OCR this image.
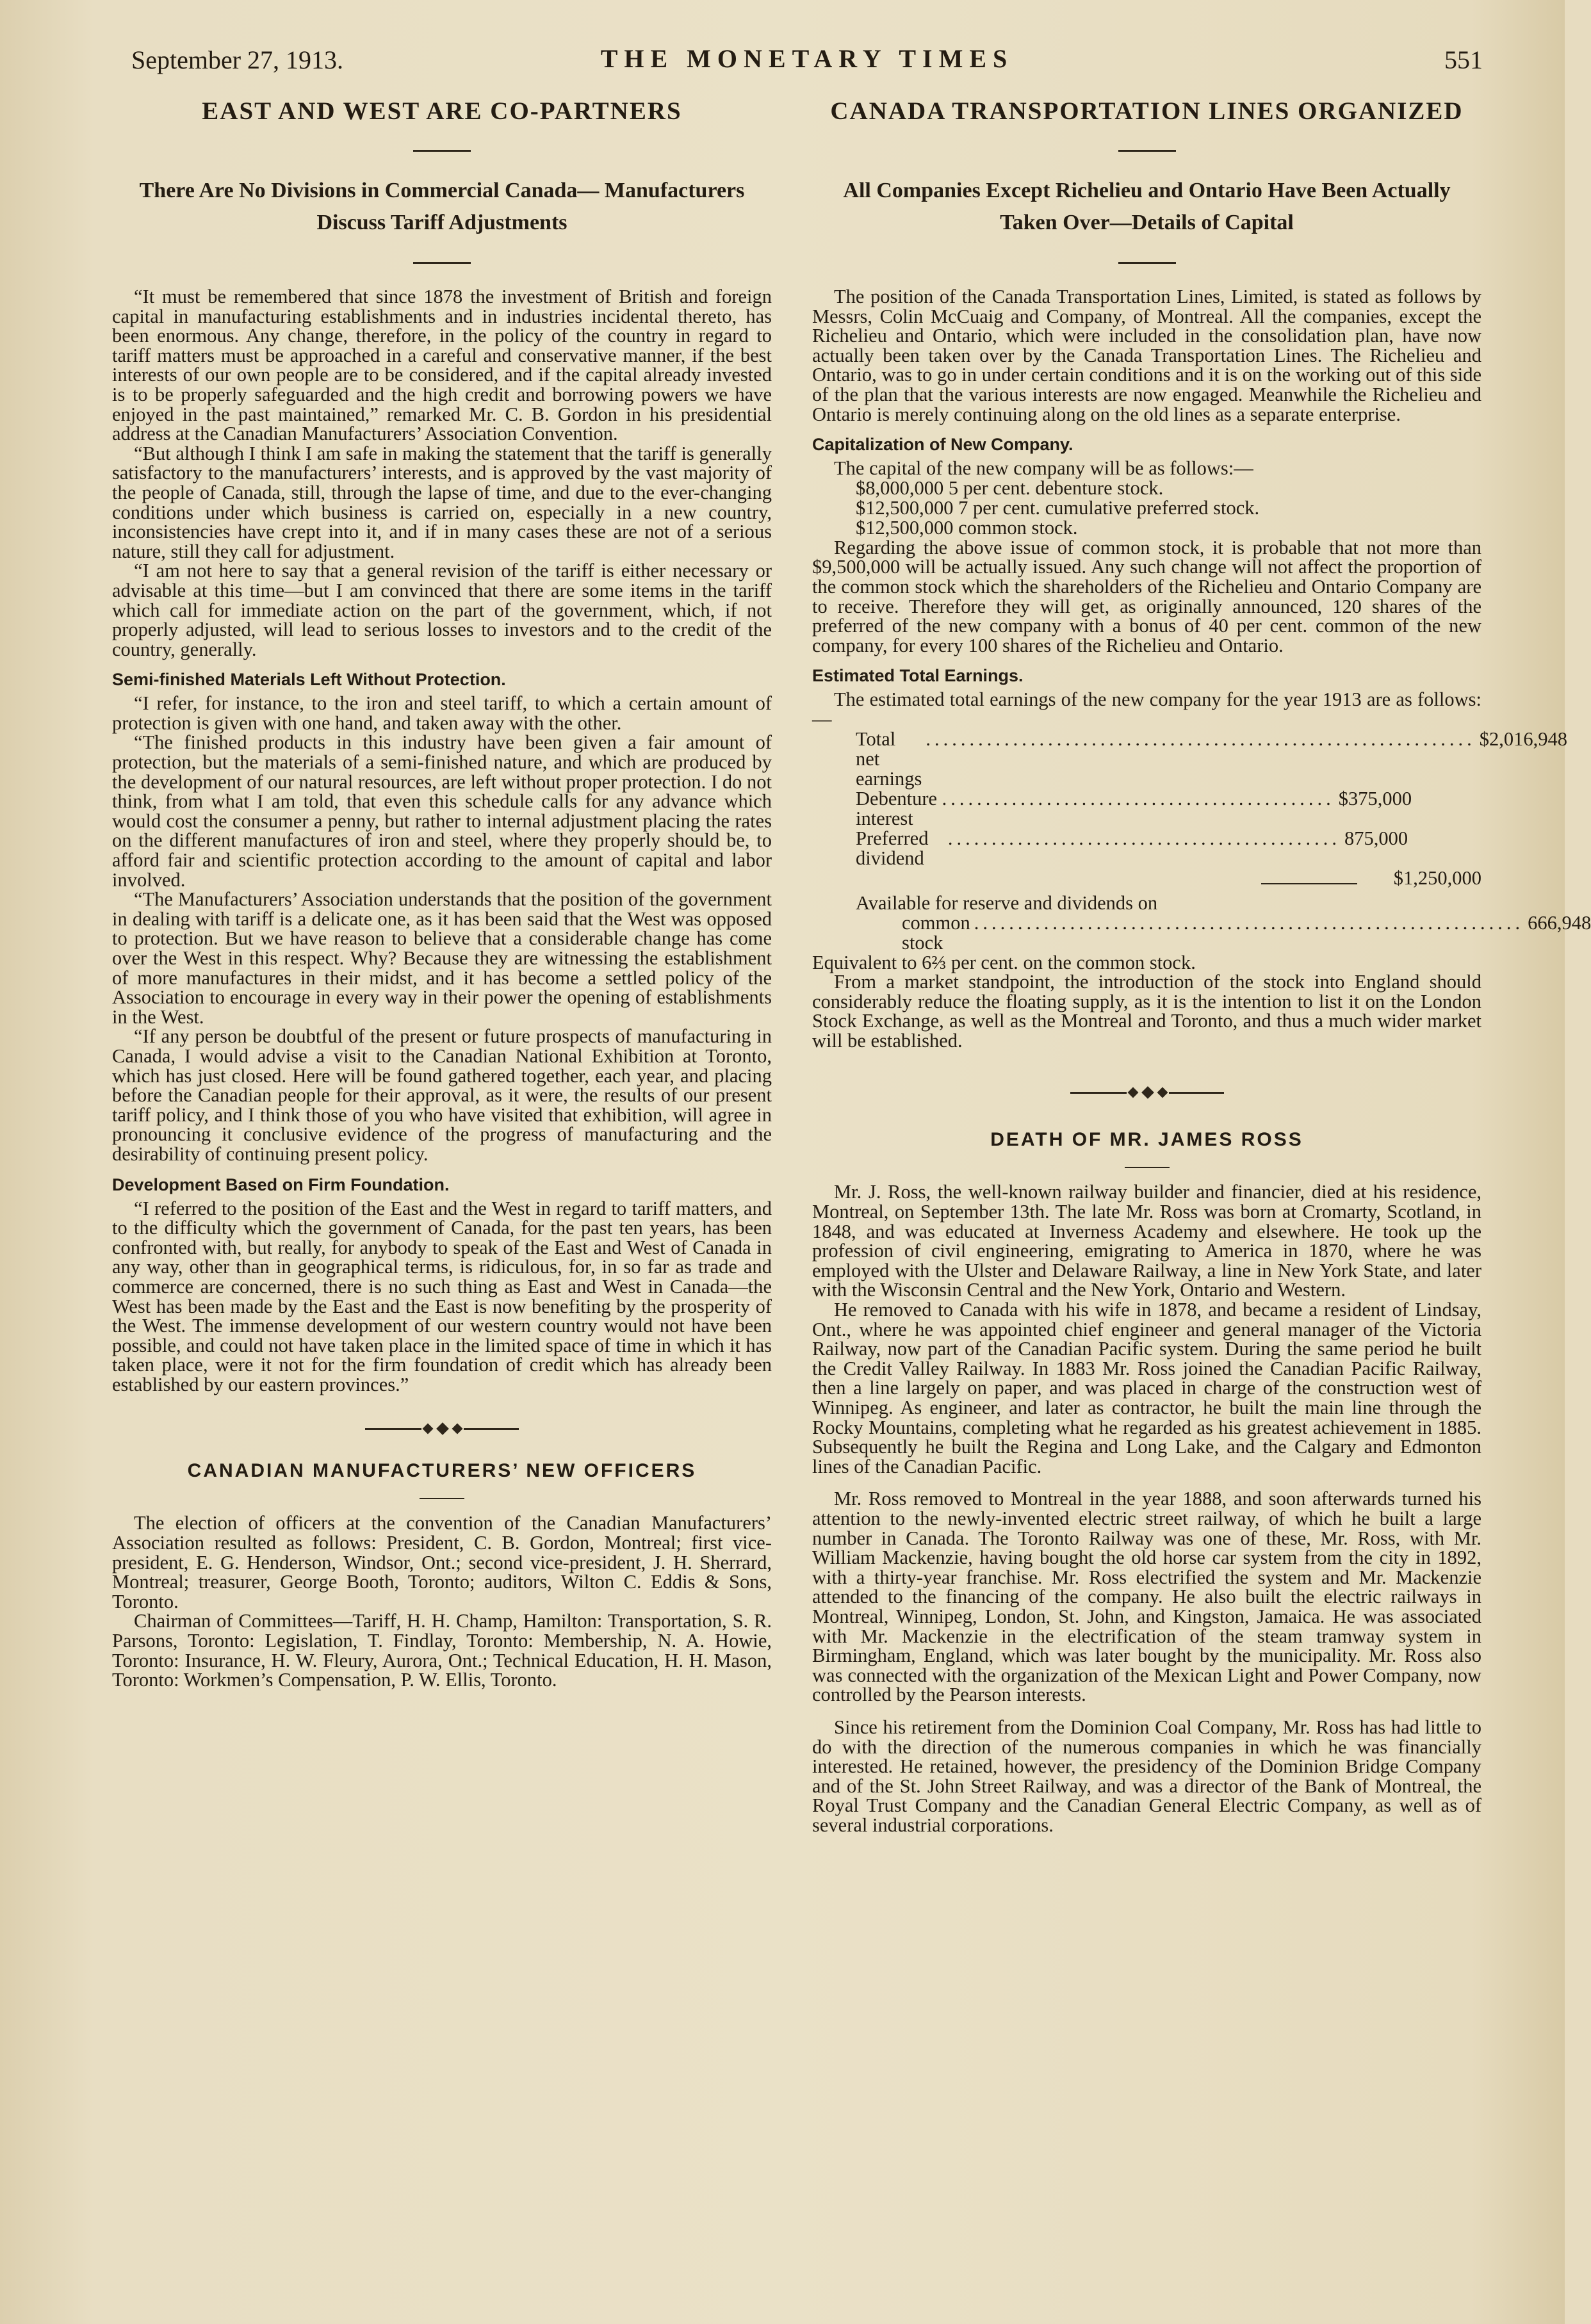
September 27, 1913.	THE MONETARY TIMES	551
EAST AND WEST ARE CO-PARTNERS
There Are No Divisions in Commercial Canada— Manufacturers Discuss Tariff Adjustments

“It must be remembered that since 1878 the investment of British and foreign capital in manufacturing establishments and in industries incidental thereto, has been enormous. Any change, therefore, in the policy of the country in regard to tariff matters must be approached in a careful and conservative manner, if the best interests of our own people are to be considered, and if the capital already invested is to be properly safeguarded and the high credit and borrowing powers we have enjoyed in the past maintained,” remarked Mr. C. B. Gordon in his presidential address at the Canadian Manufacturers’ Association Convention.

“But although I think I am safe in making the statement that the tariff is generally satisfactory to the manufacturers’ interests, and is approved by the vast majority of the people of Canada, still, through the lapse of time, and due to the ever-changing conditions under which business is carried on, especially in a new country, inconsistencies have crept into it, and if in many cases these are not of a serious nature, still they call for adjustment.

“I am not here to say that a general revision of the tariff is either necessary or advisable at this time—but I am convinced that there are some items in the tariff which call for immediate action on the part of the government, which, if not properly adjusted, will lead to serious losses to investors and to the credit of the country, generally.

Semi-finished Materials Left Without Protection.

“I refer, for instance, to the iron and steel tariff, to which a certain amount of protection is given with one hand, and taken away with the other.

“The finished products in this industry have been given a fair amount of protection, but the materials of a semi-finished nature, and which are produced by the development of our natural resources, are left without proper protection. I do not think, from what I am told, that even this schedule calls for any advance which would cost the consumer a penny, but rather to internal adjustment placing the rates on the different manufactures of iron and steel, where they properly should be, to afford fair and scientific protection according to the amount of capital and labor involved.

“The Manufacturers’ Association understands that the position of the government in dealing with tariff is a delicate one, as it has been said that the West was opposed to protection. But we have reason to believe that a considerable change has come over the West in this respect. Why? Because they are witnessing the establishment of more manufactures in their midst, and it has become a settled policy of the Association to encourage in every way in their power the opening of establishments in the West.

“If any person be doubtful of the present or future prospects of manufacturing in Canada, I would advise a visit to the Canadian National Exhibition at Toronto, which has just closed. Here will be found gathered together, each year, and placing before the Canadian people for their approval, as it were, the results of our present tariff policy, and I think those of you who have visited that exhibition, will agree in pronouncing it conclusive evidence of the progress of manufacturing and the desirability of continuing present policy.

Development Based on Firm Foundation.

“I referred to the position of the East and the West in regard to tariff matters, and to the difficulty which the government of Canada, for the past ten years, has been confronted with, but really, for anybody to speak of the East and West of Canada in any way, other than in geographical terms, is ridiculous, for, in so far as trade and commerce are concerned, there is no such thing as East and West in Canada—the West has been made by the East and the East is now benefiting by the prosperity of the West. The immense development of our western country would not have been possible, and could not have taken place in the limited space of time in which it has taken place, were it not for the firm foundation of credit which has already been established by our eastern provinces.”

CANADIAN MANUFACTURERS’ NEW OFFICERS

The election of officers at the convention of the Canadian Manufacturers’ Association resulted as follows: President, C. B. Gordon, Montreal; first vice-president, E. G. Henderson, Windsor, Ont.; second vice-president, J. H. Sherrard, Montreal; treasurer, George Booth, Toronto; auditors, Wilton C. Eddis & Sons, Toronto.

Chairman of Committees—Tariff, H. H. Champ, Hamilton: Transportation, S. R. Parsons, Toronto: Legislation, T. Findlay, Toronto: Membership, N. A. Howie, Toronto: Insurance, H. W. Fleury, Aurora, Ont.; Technical Education, H. H. Mason, Toronto: Workmen’s Compensation, P. W. Ellis, Toronto.

CANADA TRANSPORTATION LINES ORGANIZED
All Companies Except Richelieu and Ontario Have Been Actually Taken Over—Details of Capital

The position of the Canada Transportation Lines, Limited, is stated as follows by Messrs, Colin McCuaig and Company, of Montreal. All the companies, except the Richelieu and Ontario, which were included in the consolidation plan, have now actually been taken over by the Canada Transportation Lines. The Richelieu and Ontario, was to go in under certain conditions and it is on the working out of this side of the plan that the various interests are now engaged. Meanwhile the Richelieu and Ontario is merely continuing along on the old lines as a separate enterprise.

Capitalization of New Company.

The capital of the new company will be as follows:—

$8,000,000 5 per cent. debenture stock.
$12,500,000 7 per cent. cumulative preferred stock.
$12,500,000 common stock.

Regarding the above issue of common stock, it is probable that not more than $9,500,000 will be actually issued. Any such change will not affect the proportion of the common stock which the shareholders of the Richelieu and Ontario Company are to receive. Therefore they will get, as originally announced, 120 shares of the preferred of the new company with a bonus of 40 per cent. common of the new company, for every 100 shares of the Richelieu and Ontario.

Estimated Total Earnings.

The estimated total earnings of the new company for the year 1913 are as follows:—

Total net earnings
............................................................... $2,016,948
Debenture interest
............................................. $375,000
Preferred dividend
............................................. 875,000
$1,250,000
Available for reserve and dividends on
common stock
............................................................... 666,948

Equivalent to 6⅔ per cent. on the common stock.

From a market standpoint, the introduction of the stock into England should considerably reduce the floating supply, as it is the intention to list it on the London Stock Exchange, as well as the Montreal and Toronto, and thus a much wider market will be established.

DEATH OF MR. JAMES ROSS

Mr. J. Ross, the well-known railway builder and financier, died at his residence, Montreal, on September 13th. The late Mr. Ross was born at Cromarty, Scotland, in 1848, and was educated at Inverness Academy and elsewhere. He took up the profession of civil engineering, emigrating to America in 1870, where he was employed with the Ulster and Delaware Railway, a line in New York State, and later with the Wisconsin Central and the New York, Ontario and Western.

He removed to Canada with his wife in 1878, and became a resident of Lindsay, Ont., where he was appointed chief engineer and general manager of the Victoria Railway, now part of the Canadian Pacific system. During the same period he built the Credit Valley Railway. In 1883 Mr. Ross joined the Canadian Pacific Railway, then a line largely on paper, and was placed in charge of the construction west of Winnipeg. As engineer, and later as contractor, he built the main line through the Rocky Mountains, completing what he regarded as his greatest achievement in 1885. Subsequently he built the Regina and Long Lake, and the Calgary and Edmonton lines of the Canadian Pacific.

Mr. Ross removed to Montreal in the year 1888, and soon afterwards turned his attention to the newly-invented electric street railway, of which he built a large number in Canada. The Toronto Railway was one of these, Mr. Ross, with Mr. William Mackenzie, having bought the old horse car system from the city in 1892, with a thirty-year franchise. Mr. Ross electrified the system and Mr. Mackenzie attended to the financing of the company. He also built the electric railways in Montreal, Winnipeg, London, St. John, and Kingston, Jamaica. He was associated with Mr. Mackenzie in the electrification of the steam tramway system in Birmingham, England, which was later bought by the municipality. Mr. Ross also was connected with the organization of the Mexican Light and Power Company, now controlled by the Pearson interests.

Since his retirement from the Dominion Coal Company, Mr. Ross has had little to do with the direction of the numerous companies in which he was financially interested. He retained, however, the presidency of the Dominion Bridge Company and of the St. John Street Railway, and was a director of the Bank of Montreal, the Royal Trust Company and the Canadian General Electric Company, as well as of several industrial corporations.
